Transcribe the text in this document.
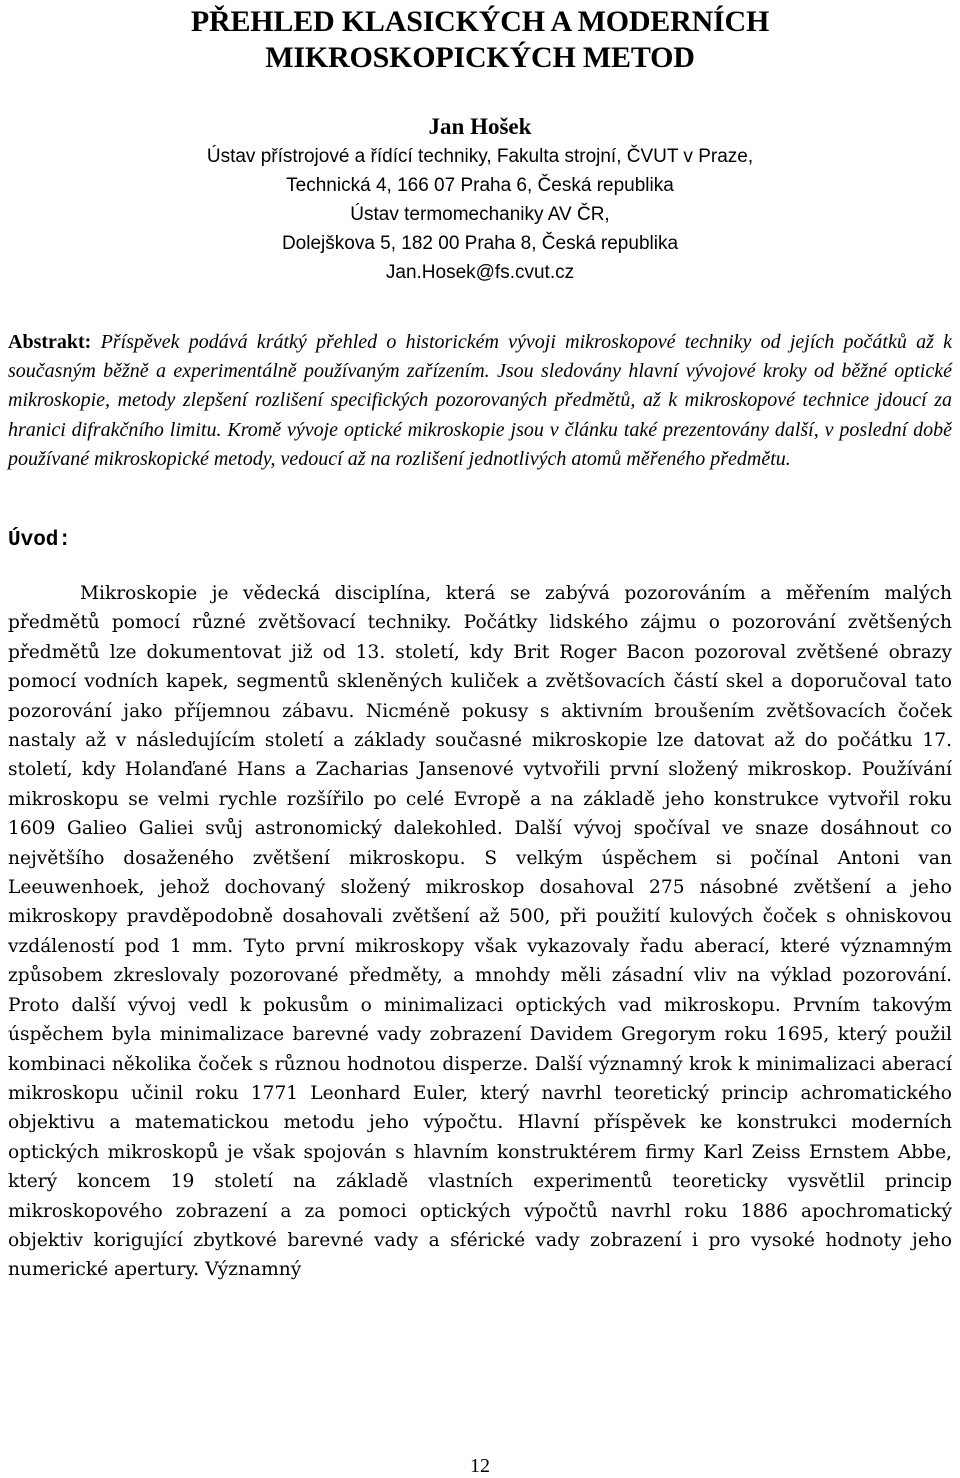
PŘEHLED KLASICKÝCH A MODERNÍCH
MIKROSKOPICKÝCH METOD
Jan Hošek
Ústav přístrojové a řídící techniky, Fakulta strojní, ČVUT v Praze,
Technická 4, 166 07 Praha 6, Česká republika
Ústav termomechaniky AV ČR,
Dolejškova 5, 182 00 Praha 8, Česká republika
Jan.Hosek@fs.cvut.cz
Abstrakt: Příspěvek podává krátký přehled o historickém vývoji mikroskopové techniky od jejích počátků až k současným běžně a experimentálně používaným zařízením. Jsou sledovány hlavní vývojové kroky od běžné optické mikroskopie, metody zlepšení rozlišení specifických pozorovaných předmětů, až k mikroskopové technice jdoucí za hranici difrakčního limitu. Kromě vývoje optické mikroskopie jsou v článku také prezentovány další, v poslední době používané mikroskopické metody, vedoucí až na rozlišení jednotlivých atomů měřeného předmětu.
Úvod:
Mikroskopie je vědecká disciplína, která se zabývá pozorováním a měřením malých předmětů pomocí různé zvětšovací techniky. Počátky lidského zájmu o pozorování zvětšených předmětů lze dokumentovat již od 13. století, kdy Brit Roger Bacon pozoroval zvětšené obrazy pomocí vodních kapek, segmentů skleněných kuliček a zvětšovacích částí skel a doporučoval tato pozorování jako příjemnou zábavu. Nicméně pokusy s aktivním broušením zvětšovacích čoček nastaly až v následujícím století a základy současné mikroskopie lze datovat až do počátku 17. století, kdy Holanďané Hans a Zacharias Jansenové vytvořili první složený mikroskop. Používání mikroskopu se velmi rychle rozšířilo po celé Evropě a na základě jeho konstrukce vytvořil roku 1609 Galieo Galiei svůj astronomický dalekohled. Další vývoj spočíval ve snaze dosáhnout co největšího dosaženého zvětšení mikroskopu. S velkým úspěchem si počínal Antoni van Leeuwenhoek, jehož dochovaný složený mikroskop dosahoval 275 násobné zvětšení a jeho mikroskopy pravděpodobně dosahovali zvětšení až 500, při použití kulových čoček s ohniskovou vzdáleností pod 1 mm. Tyto první mikroskopy však vykazovaly řadu aberací, které významným způsobem zkreslovaly pozorované předměty, a mnohdy měli zásadní vliv na výklad pozorování. Proto další vývoj vedl k pokusům o minimalizaci optických vad mikroskopu. Prvním takovým úspěchem byla minimalizace barevné vady zobrazení Davidem Gregorym roku 1695, který použil kombinaci několika čoček s různou hodnotou disperze. Další významný krok k minimalizaci aberací mikroskopu učinil roku 1771 Leonhard Euler, který navrhl teoretický princip achromatického objektivu a matematickou metodu jeho výpočtu. Hlavní příspěvek ke konstrukci moderních optických mikroskopů je však spojován s hlavním konstruktérem firmy Karl Zeiss Ernstem Abbe, který koncem 19 století na základě vlastních experimentů teoreticky vysvětlil princip mikroskopového zobrazení a za pomoci optických výpočtů navrhl roku 1886 apochromatický objektiv korigující zbytkové barevné vady a sférické vady zobrazení i pro vysoké hodnoty jeho numerické apertury. Významný
12
